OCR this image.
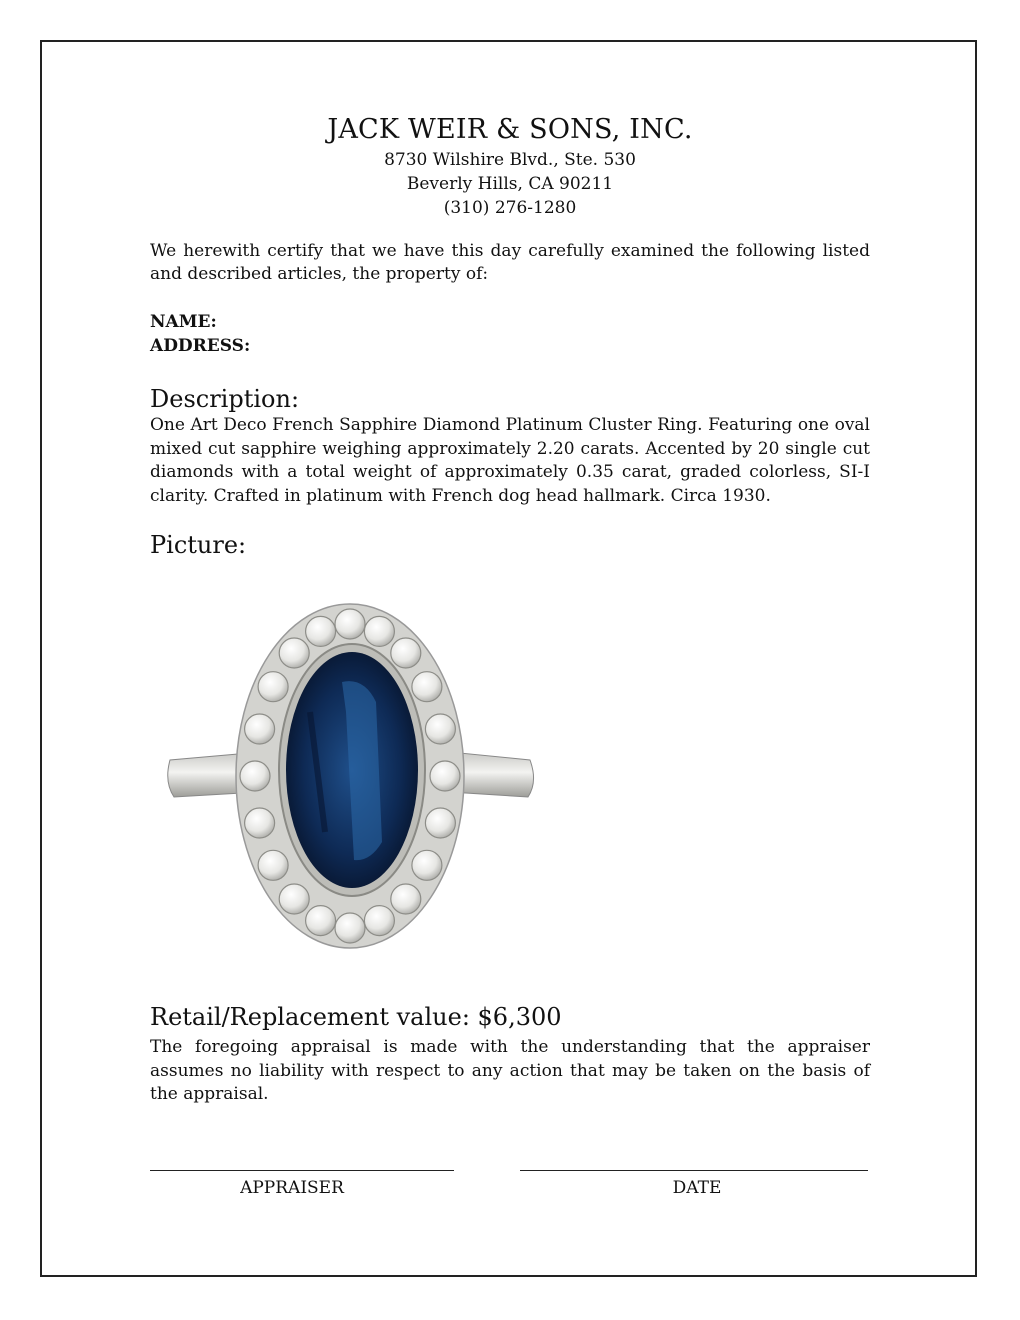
JACK WEIR & SONS, INC.
8730 Wilshire Blvd., Ste. 530
Beverly Hills, CA 90211
(310) 276-1280
We herewith certify that we have this day carefully examined the following listed and described articles, the property of:
NAME:
ADDRESS:
Description:
One Art Deco French Sapphire Diamond Platinum Cluster Ring. Featuring one oval mixed cut sapphire weighing approximately 2.20 carats. Accented by 20 single cut diamonds with a total weight of approximately 0.35 carat, graded colorless, SI-I clarity. Crafted in platinum with French dog head hallmark. Circa 1930.
Picture:
Retail/Replacement value: $6,300
The foregoing appraisal is made with the understanding that the appraiser assumes no liability with respect to any action that may be taken on the basis of the appraisal.
APPRAISER	DATE
